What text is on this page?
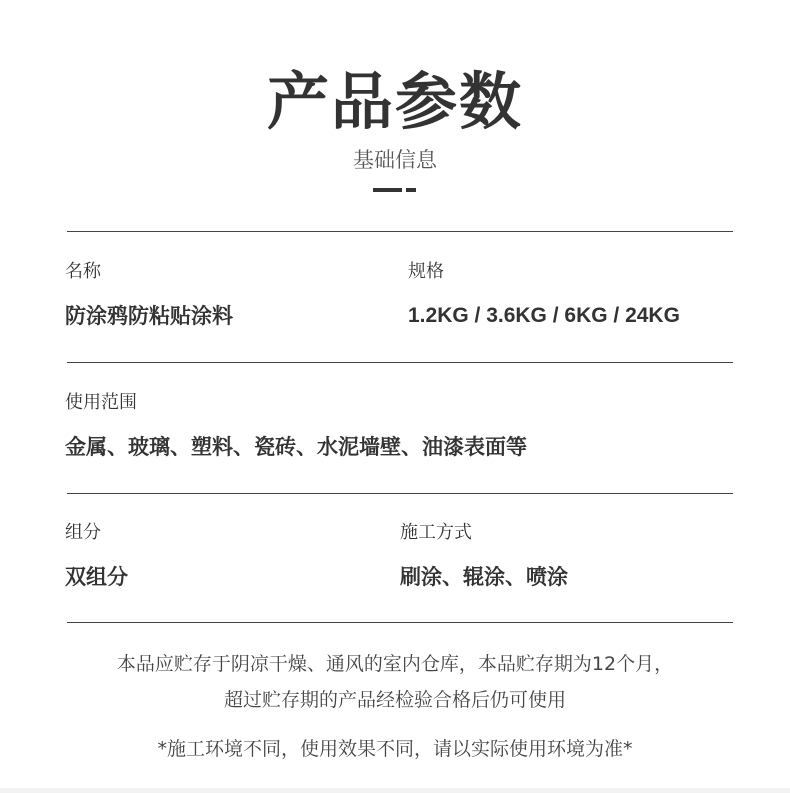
产品参数
基础信息
名称
防涂鸦防粘贴涂料
规格
1.2KG / 3.6KG / 6KG / 24KG
使用范围
金属、玻璃、塑料、瓷砖、水泥墙壁、油漆表面等
组分
双组分
施工方式
刷涂、辊涂、喷涂
本品应贮存于阴凉干燥、通风的室内仓库，本品贮存期为12个月，
超过贮存期的产品经检验合格后仍可使用
*施工环境不同，使用效果不同，请以实际使用环境为准*
